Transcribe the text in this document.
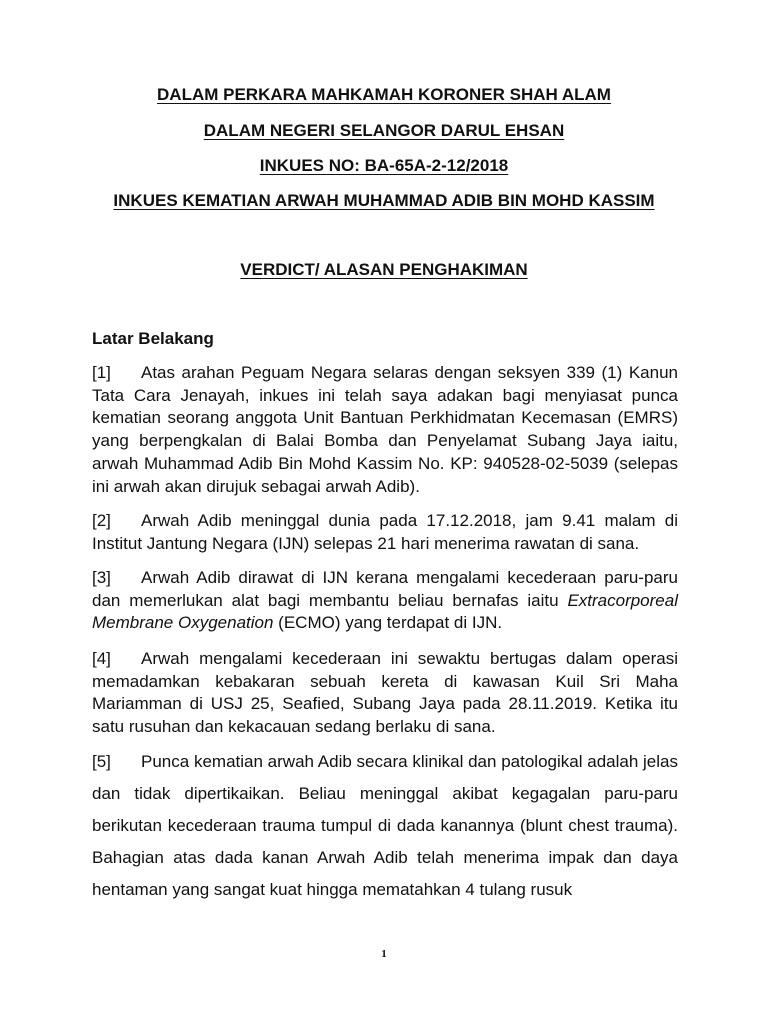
DALAM PERKARA MAHKAMAH KORONER SHAH ALAM
DALAM NEGERI SELANGOR DARUL EHSAN
INKUES NO: BA-65A-2-12/2018
INKUES KEMATIAN ARWAH MUHAMMAD ADIB BIN MOHD KASSIM
VERDICT/ ALASAN PENGHAKIMAN
Latar Belakang
[1] Atas arahan Peguam Negara selaras dengan seksyen 339 (1) Kanun Tata Cara Jenayah, inkues ini telah saya adakan bagi menyiasat punca kematian seorang anggota Unit Bantuan Perkhidmatan Kecemasan (EMRS) yang berpengkalan di Balai Bomba dan Penyelamat Subang Jaya iaitu, arwah Muhammad Adib Bin Mohd Kassim No. KP: 940528-02-5039 (selepas ini arwah akan dirujuk sebagai arwah Adib).
[2] Arwah Adib meninggal dunia pada 17.12.2018, jam 9.41 malam di Institut Jantung Negara (IJN) selepas 21 hari menerima rawatan di sana.
[3] Arwah Adib dirawat di IJN kerana mengalami kecederaan paru-paru dan memerlukan alat bagi membantu beliau bernafas iaitu Extracorporeal Membrane Oxygenation (ECMO) yang terdapat di IJN.
[4] Arwah mengalami kecederaan ini sewaktu bertugas dalam operasi memadamkan kebakaran sebuah kereta di kawasan Kuil Sri Maha Mariamman di USJ 25, Seafied, Subang Jaya pada 28.11.2019. Ketika itu satu rusuhan dan kekacauan sedang berlaku di sana.
[5] Punca kematian arwah Adib secara klinikal dan patologikal adalah jelas dan tidak dipertikaikan. Beliau meninggal akibat kegagalan paru-paru berikutan kecederaan trauma tumpul di dada kanannya (blunt chest trauma). Bahagian atas dada kanan Arwah Adib telah menerima impak dan daya hentaman yang sangat kuat hingga mematahkan 4 tulang rusuk
1
